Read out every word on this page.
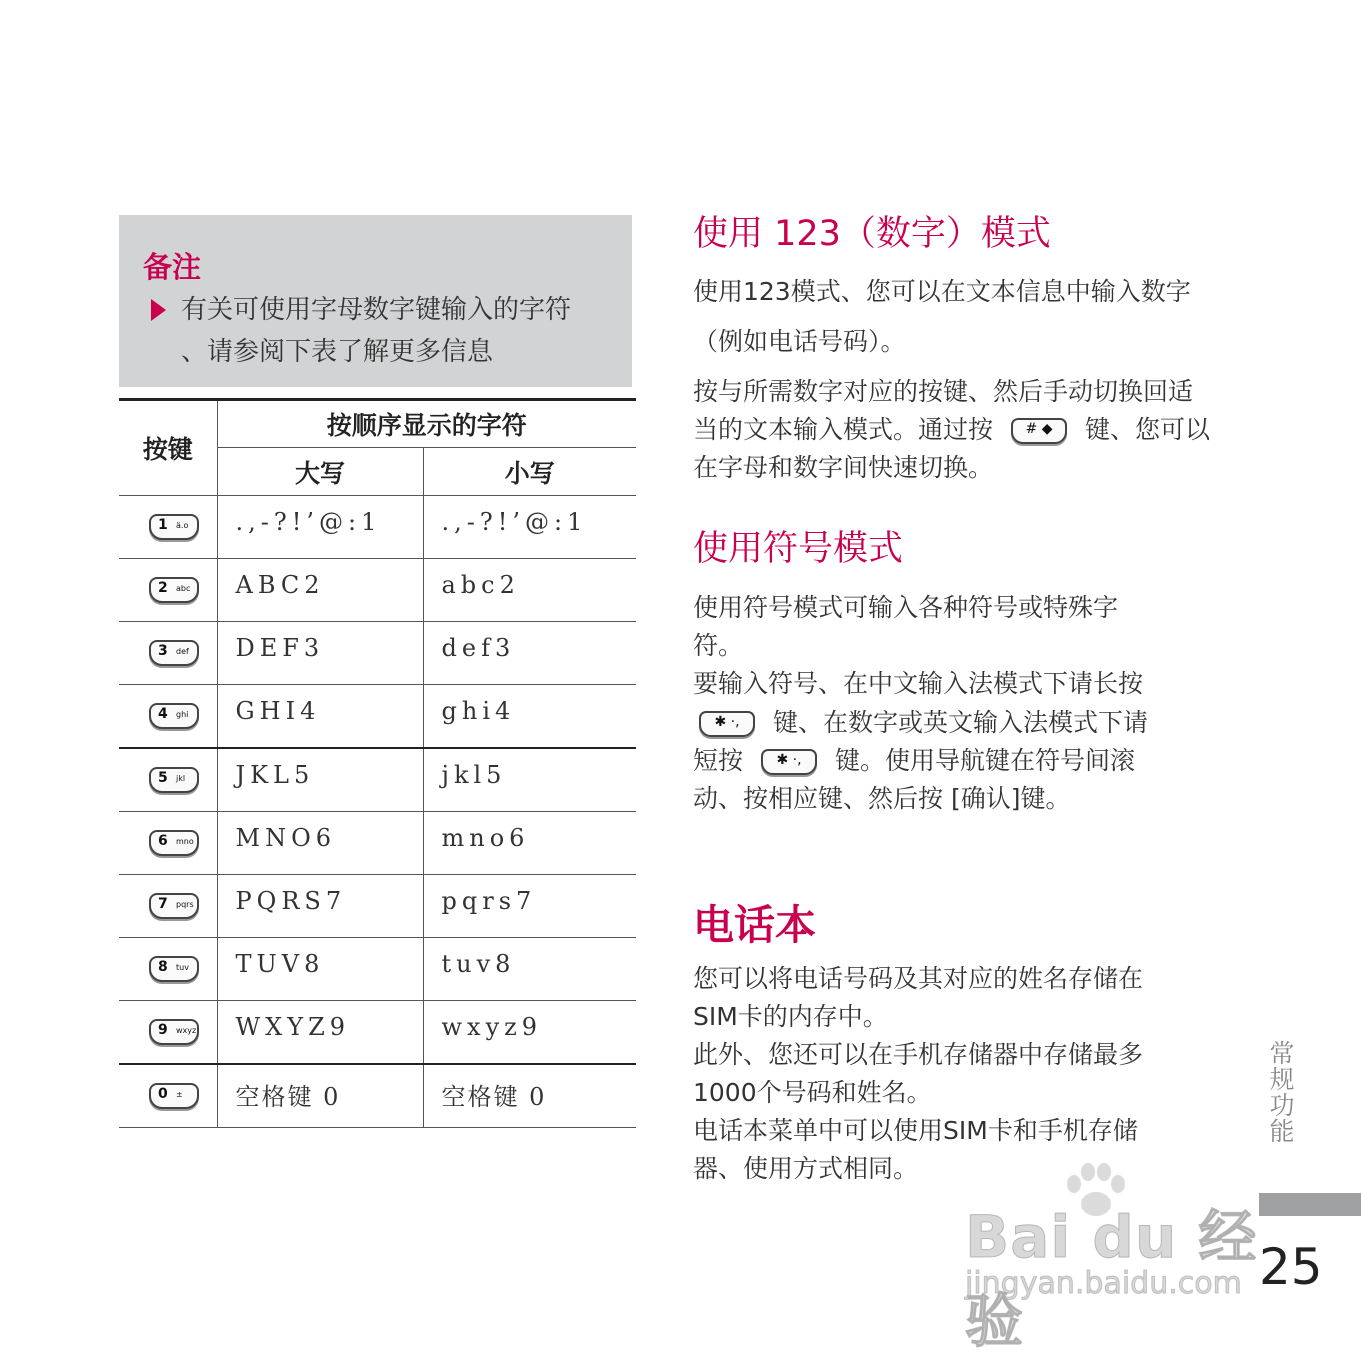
备注
有关可使用字母数字键输入的字符
、请参阅下表了解更多信息
按键	按顺序显示的字符	
	大写	小写

1 ä.o	.,-?!’@:1	.,-?!’@:1

2 abc	ABC2	abc2

3 def	DEF3	def3

4 ghi	GHI4	ghi4

5 jkl	JKL5	jkl5

6 mno	MNO6	mno6

7 pqrs	PQRS7	pqrs7

8 tuv	TUV8	tuv8

9 wxyz	WXYZ9	wxyz9

0 ±	空格键 0	空格键 0
使用 123（数字）模式
使用123模式、您可以在文本信息中输入数字
（例如电话号码）。
按与所需数字对应的按键、然后手动切换回适
当的文本输入模式。通过按	# ◆	键、您可以
在字母和数字间快速切换。
使用符号模式
使用符号模式可输入各种符号或特殊字
符。
要输入符号、在中文输入法模式下请长按
✱ ·,	键、在数字或英文输入法模式下请
短按	✱ ·,	键。使用导航键在符号间滚
动、按相应键、然后按 [确认]键。
电话本
您可以将电话号码及其对应的姓名存储在
SIM卡的内存中。
此外、您还可以在手机存储器中存储最多
1000个号码和姓名。
电话本菜单中可以使用SIM卡和手机存储
器、使用方式相同。
Bai du 经验
jingyan.baidu.com
常规功能
25
